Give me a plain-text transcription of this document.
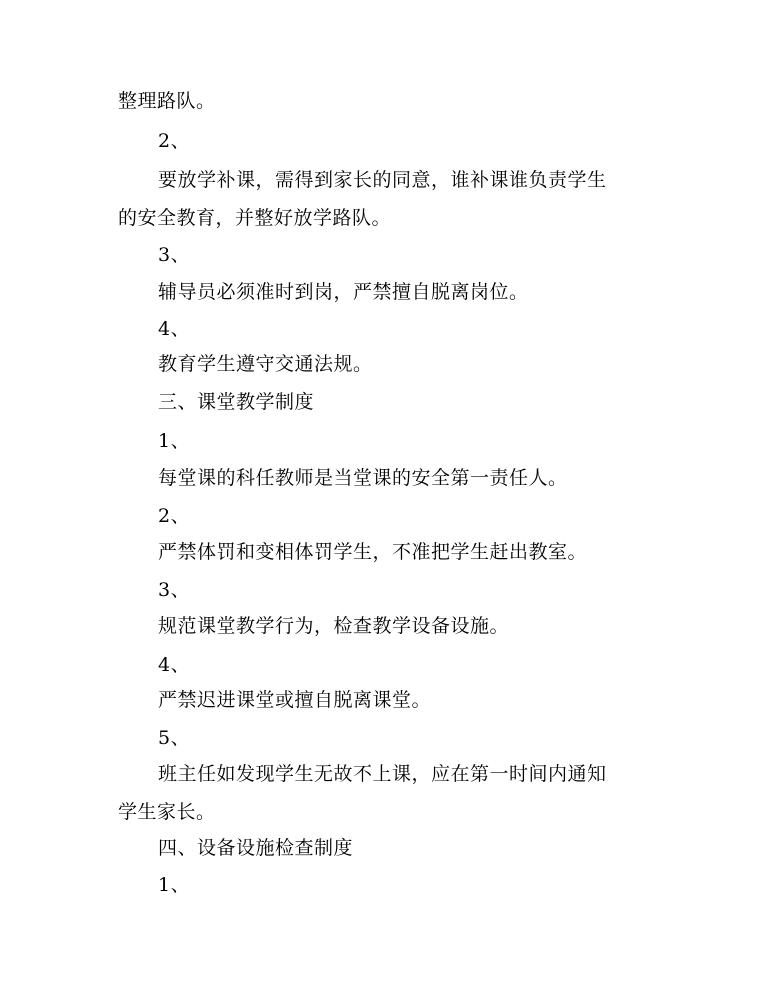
整理路队。
2、
要放学补课，需得到家长的同意，谁补课谁负责学生
的安全教育，并整好放学路队。
3、
辅导员必须准时到岗，严禁擅自脱离岗位。
4、
教育学生遵守交通法规。
三、课堂教学制度
1、
每堂课的科任教师是当堂课的安全第一责任人。
2、
严禁体罚和变相体罚学生，不准把学生赶出教室。
3、
规范课堂教学行为，检查教学设备设施。
4、
严禁迟进课堂或擅自脱离课堂。
5、
班主任如发现学生无故不上课，应在第一时间内通知
学生家长。
四、设备设施检查制度
1、
